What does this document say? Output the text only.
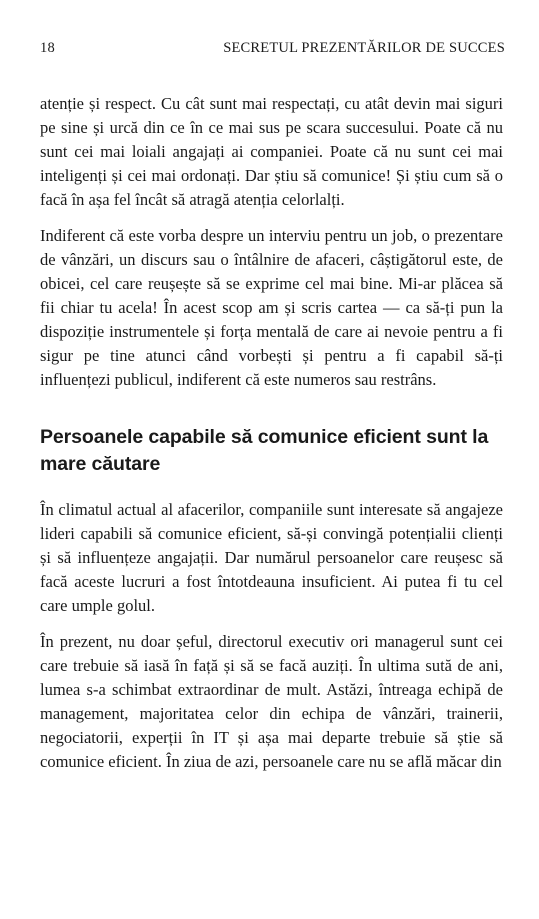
18	SECRETUL PREZENTĂRILOR DE SUCCES

atenție și respect. Cu cât sunt mai respectați, cu atât devin mai siguri pe sine și urcă din ce în ce mai sus pe scara succesului. Poate că nu sunt cei mai loiali angajați ai companiei. Poate că nu sunt cei mai inteligenți și cei mai ordonați. Dar știu să comunice! Și știu cum să o facă în așa fel încât să atragă atenția celorlalți.

Indiferent că este vorba despre un interviu pentru un job, o prezentare de vânzări, un discurs sau o întâlnire de afaceri, câștigătorul este, de obicei, cel care reușește să se exprime cel mai bine. Mi-ar plăcea să fii chiar tu acela! În acest scop am și scris cartea — ca să-ți pun la dispoziție instrumentele și forța mentală de care ai nevoie pentru a fi sigur pe tine atunci când vorbești și pentru a fi capabil să-ți influențezi publicul, indiferent că este numeros sau restrâns.

Persoanele capabile să comunice eficient sunt la mare căutare

În climatul actual al afacerilor, companiile sunt interesate să angajeze lideri capabili să comunice eficient, să-și convingă potențialii clienți și să influențeze angajații. Dar numărul persoanelor care reușesc să facă aceste lucruri a fost întotdeauna insuficient. Ai putea fi tu cel care umple golul.

În prezent, nu doar șeful, directorul executiv ori managerul sunt cei care trebuie să iasă în față și să se facă auziți. În ultima sută de ani, lumea s-a schimbat extraordinar de mult. Astăzi, întreaga echipă de management, majoritatea celor din echipa de vânzări, trainerii, negociatorii, experții în IT și așa mai departe trebuie să știe să comunice eficient. În ziua de azi, persoanele care nu se află măcar din
